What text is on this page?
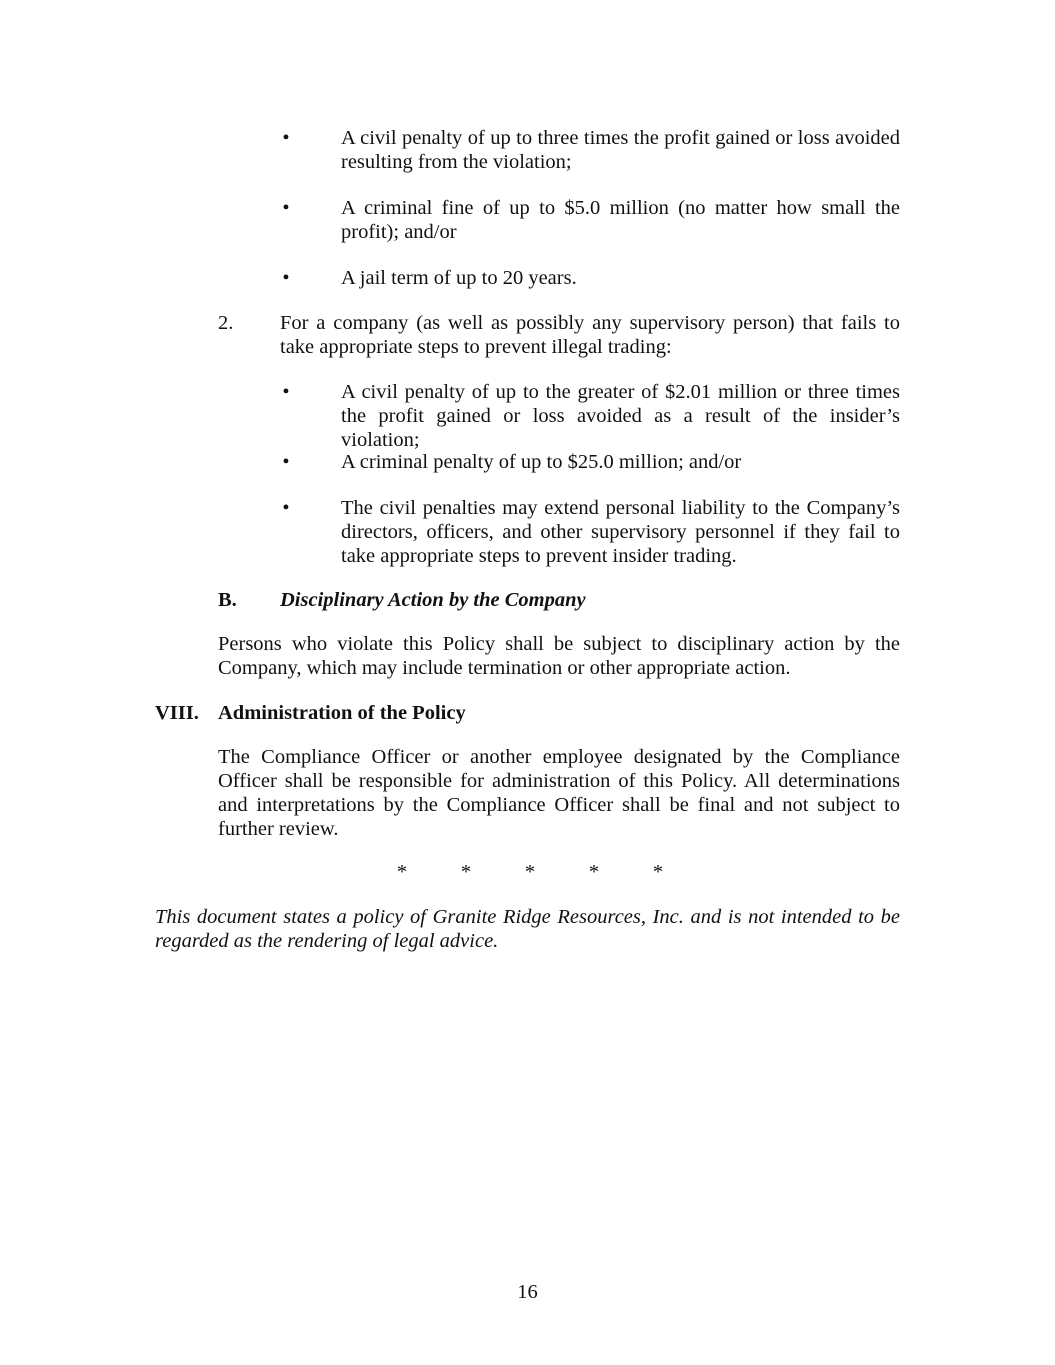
•	A civil penalty of up to three times the profit gained or loss avoided resulting from the violation;
•	A criminal fine of up to $5.0 million (no matter how small the profit); and/or
•	A jail term of up to 20 years.
2. For a company (as well as possibly any supervisory person) that fails to take appropriate steps to prevent illegal trading:
•	A civil penalty of up to the greater of $2.01 million or three times the profit gained or loss avoided as a result of the insider’s violation;
•	A criminal penalty of up to $25.0 million; and/or
•	The civil penalties may extend personal liability to the Company’s directors, officers, and other supervisory personnel if they fail to take appropriate steps to prevent insider trading.
B. Disciplinary Action by the Company
Persons who violate this Policy shall be subject to disciplinary action by the Company, which may include termination or other appropriate action.
VIII. Administration of the Policy
The Compliance Officer or another employee designated by the Compliance Officer shall be responsible for administration of this Policy. All determinations and interpretations by the Compliance Officer shall be final and not subject to further review.
*	*	*	*	*
This document states a policy of Granite Ridge Resources, Inc. and is not intended to be regarded as the rendering of legal advice.
16
